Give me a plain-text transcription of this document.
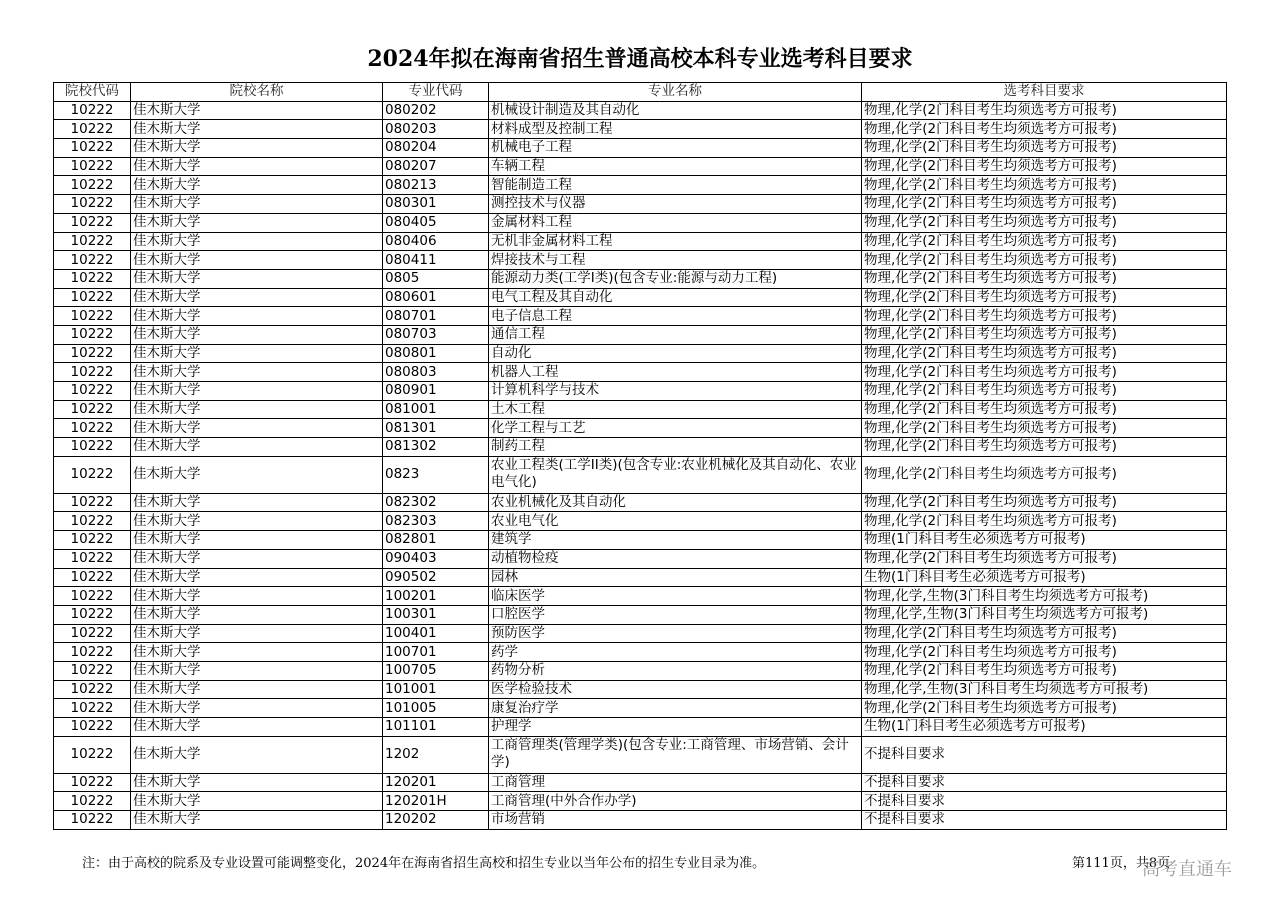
2024年拟在海南省招生普通高校本科专业选考科目要求
院校代码	院校名称	专业代码	专业名称	选考科目要求
10222	佳木斯大学	080202	机械设计制造及其自动化	物理,化学(2门科目考生均须选考方可报考)
10222	佳木斯大学	080203	材料成型及控制工程	物理,化学(2门科目考生均须选考方可报考)
10222	佳木斯大学	080204	机械电子工程	物理,化学(2门科目考生均须选考方可报考)
10222	佳木斯大学	080207	车辆工程	物理,化学(2门科目考生均须选考方可报考)
10222	佳木斯大学	080213	智能制造工程	物理,化学(2门科目考生均须选考方可报考)
10222	佳木斯大学	080301	测控技术与仪器	物理,化学(2门科目考生均须选考方可报考)
10222	佳木斯大学	080405	金属材料工程	物理,化学(2门科目考生均须选考方可报考)
10222	佳木斯大学	080406	无机非金属材料工程	物理,化学(2门科目考生均须选考方可报考)
10222	佳木斯大学	080411	焊接技术与工程	物理,化学(2门科目考生均须选考方可报考)
10222	佳木斯大学	0805	能源动力类(工学I类)(包含专业:能源与动力工程)	物理,化学(2门科目考生均须选考方可报考)
10222	佳木斯大学	080601	电气工程及其自动化	物理,化学(2门科目考生均须选考方可报考)
10222	佳木斯大学	080701	电子信息工程	物理,化学(2门科目考生均须选考方可报考)
10222	佳木斯大学	080703	通信工程	物理,化学(2门科目考生均须选考方可报考)
10222	佳木斯大学	080801	自动化	物理,化学(2门科目考生均须选考方可报考)
10222	佳木斯大学	080803	机器人工程	物理,化学(2门科目考生均须选考方可报考)
10222	佳木斯大学	080901	计算机科学与技术	物理,化学(2门科目考生均须选考方可报考)
10222	佳木斯大学	081001	土木工程	物理,化学(2门科目考生均须选考方可报考)
10222	佳木斯大学	081301	化学工程与工艺	物理,化学(2门科目考生均须选考方可报考)
10222	佳木斯大学	081302	制药工程	物理,化学(2门科目考生均须选考方可报考)
10222	佳木斯大学	0823	农业工程类(工学II类)(包含专业:农业机械化及其自动化、农业电气化)	物理,化学(2门科目考生均须选考方可报考)
10222	佳木斯大学	082302	农业机械化及其自动化	物理,化学(2门科目考生均须选考方可报考)
10222	佳木斯大学	082303	农业电气化	物理,化学(2门科目考生均须选考方可报考)
10222	佳木斯大学	082801	建筑学	物理(1门科目考生必须选考方可报考)
10222	佳木斯大学	090403	动植物检疫	物理,化学(2门科目考生均须选考方可报考)
10222	佳木斯大学	090502	园林	生物(1门科目考生必须选考方可报考)
10222	佳木斯大学	100201	临床医学	物理,化学,生物(3门科目考生均须选考方可报考)
10222	佳木斯大学	100301	口腔医学	物理,化学,生物(3门科目考生均须选考方可报考)
10222	佳木斯大学	100401	预防医学	物理,化学(2门科目考生均须选考方可报考)
10222	佳木斯大学	100701	药学	物理,化学(2门科目考生均须选考方可报考)
10222	佳木斯大学	100705	药物分析	物理,化学(2门科目考生均须选考方可报考)
10222	佳木斯大学	101001	医学检验技术	物理,化学,生物(3门科目考生均须选考方可报考)
10222	佳木斯大学	101005	康复治疗学	物理,化学(2门科目考生均须选考方可报考)
10222	佳木斯大学	101101	护理学	生物(1门科目考生必须选考方可报考)
10222	佳木斯大学	1202	工商管理类(管理学类)(包含专业:工商管理、市场营销、会计学)	不提科目要求
10222	佳木斯大学	120201	工商管理	不提科目要求
10222	佳木斯大学	120201H	工商管理(中外合作办学)	不提科目要求
10222	佳木斯大学	120202	市场营销	不提科目要求
注：由于高校的院系及专业设置可能调整变化，2024年在海南省招生高校和招生专业以当年公布的招生专业目录为准。	第111页，共8页
高考直通车
